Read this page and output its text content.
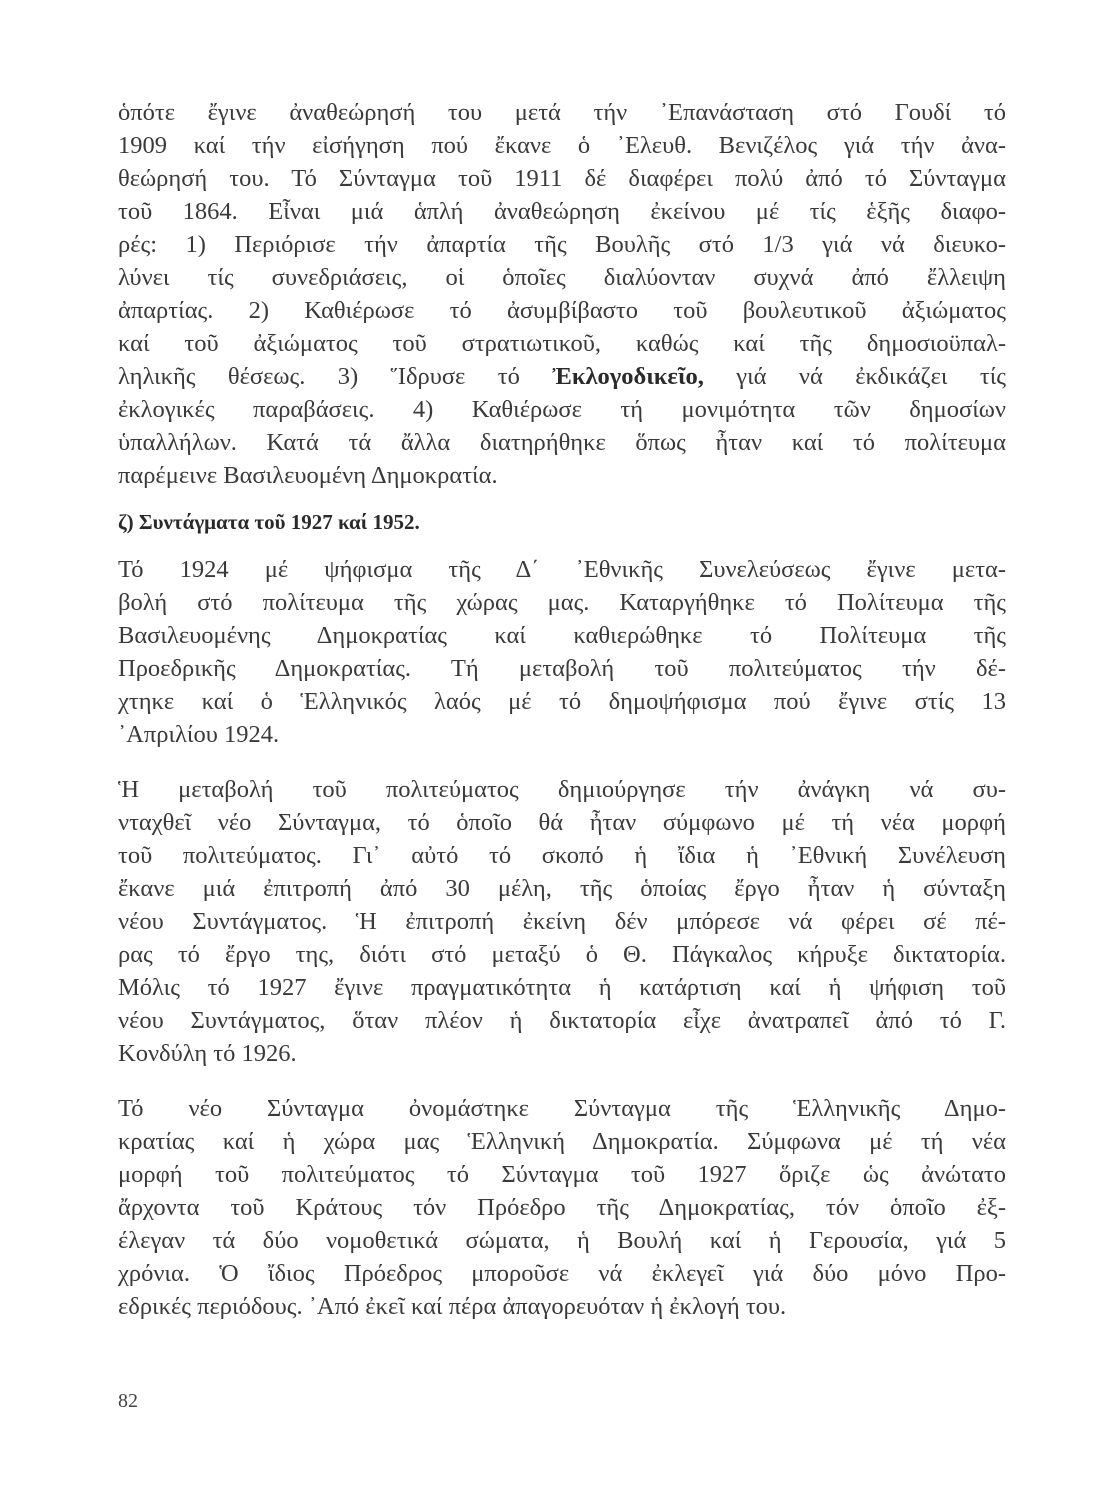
ὁπότε ἔγινε ἀναθεώρησή του μετά τήν ᾿Επανάσταση στό Γουδί τό
1909 καί τήν εἰσήγηση πού ἔκανε ὁ ᾿Ελευθ. Βενιζέλος γιά τήν ἀνα-
θεώρησή του. Τό Σύνταγμα τοῦ 1911 δέ διαφέρει πολύ ἀπό τό Σύνταγμα
τοῦ 1864. Εἶναι μιά ἁπλή ἀναθεώρηση ἐκείνου μέ τίς ἑξῆς διαφο-
ρές: 1) Περιόρισε τήν ἀπαρτία τῆς Βουλῆς στό 1/3 γιά νά διευκο-
λύνει τίς συνεδριάσεις, οἱ ὁποῖες διαλύονταν συχνά ἀπό ἔλλειψη
ἀπαρτίας. 2) Καθιέρωσε τό ἀσυμβίβαστο τοῦ βουλευτικοῦ ἀξιώματος
καί τοῦ ἀξιώματος τοῦ στρατιωτικοῦ, καθώς καί τῆς δημοσιοϋπαλ-
ληλικῆς θέσεως. 3) Ἵδρυσε τό Ἐκλογοδικεῖο, γιά νά ἐκδικάζει τίς
ἐκλογικές παραβάσεις. 4) Καθιέρωσε τή μονιμότητα τῶν δημοσίων
ὑπαλλήλων. Κατά τά ἄλλα διατηρήθηκε ὅπως ἦταν καί τό πολίτευμα
παρέμεινε Βασιλευομένη Δημοκρατία.
ζ) Συντάγματα τοῦ 1927 καί 1952.
Τό 1924 μέ ψήφισμα τῆς Δ΄ ᾿Εθνικῆς Συνελεύσεως ἔγινε μετα-
βολή στό πολίτευμα τῆς χώρας μας. Καταργήθηκε τό Πολίτευμα τῆς
Βασιλευομένης Δημοκρατίας καί καθιερώθηκε τό Πολίτευμα τῆς
Προεδρικῆς Δημοκρατίας. Τή μεταβολή τοῦ πολιτεύματος τήν δέ-
χτηκε καί ὁ Ἑλληνικός λαός μέ τό δημοψήφισμα πού ἔγινε στίς 13
᾿Απριλίου 1924.
Ἡ μεταβολή τοῦ πολιτεύματος δημιούργησε τήν ἀνάγκη νά συ-
νταχθεῖ νέο Σύνταγμα, τό ὁποῖο θά ἦταν σύμφωνο μέ τή νέα μορφή
τοῦ πολιτεύματος. Γι᾿ αὐτό τό σκοπό ἡ ἴδια ἡ ᾿Εθνική Συνέλευση
ἔκανε μιά ἐπιτροπή ἀπό 30 μέλη, τῆς ὁποίας ἔργο ἦταν ἡ σύνταξη
νέου Συντάγματος. Ἡ ἐπιτροπή ἐκείνη δέν μπόρεσε νά φέρει σέ πέ-
ρας τό ἔργο της, διότι στό μεταξύ ὁ Θ. Πάγκαλος κήρυξε δικτατορία.
Μόλις τό 1927 ἔγινε πραγματικότητα ἡ κατάρτιση καί ἡ ψήφιση τοῦ
νέου Συντάγματος, ὅταν πλέον ἡ δικτατορία εἶχε ἀνατραπεῖ ἀπό τό Γ.
Κονδύλη τό 1926.
Τό νέο Σύνταγμα ὀνομάστηκε Σύνταγμα τῆς Ἑλληνικῆς Δημο-
κρατίας καί ἡ χώρα μας Ἑλληνική Δημοκρατία. Σύμφωνα μέ τή νέα
μορφή τοῦ πολιτεύματος τό Σύνταγμα τοῦ 1927 ὅριζε ὡς ἀνώτατο
ἄρχοντα τοῦ Κράτους τόν Πρόεδρο τῆς Δημοκρατίας, τόν ὁποῖο ἐξ-
έλεγαν τά δύο νομοθετικά σώματα, ἡ Βουλή καί ἡ Γερουσία, γιά 5
χρόνια. Ὁ ἴδιος Πρόεδρος μποροῦσε νά ἐκλεγεῖ γιά δύο μόνο Προ-
εδρικές περιόδους. ᾿Από ἐκεῖ καί πέρα ἀπαγορευόταν ἡ ἐκλογή του.
82
